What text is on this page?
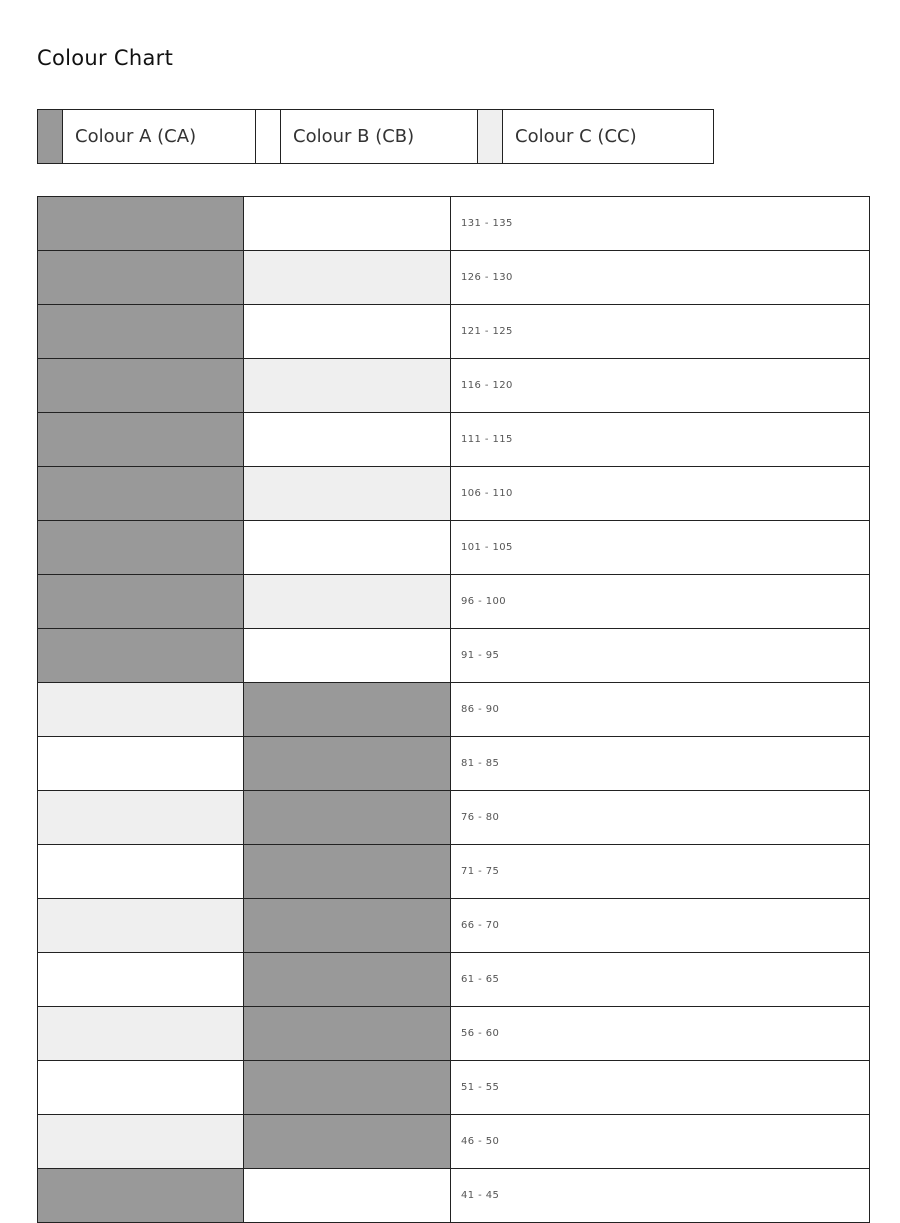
Colour Chart
Colour A (CA)	Colour B (CB)	Colour C (CC)
131 - 135
126 - 130
121 - 125
116 - 120
111 - 115
106 - 110
101 - 105
96 - 100
91 - 95
86 - 90
81 - 85
76 - 80
71 - 75
66 - 70
61 - 65
56 - 60
51 - 55
46 - 50
41 - 45
